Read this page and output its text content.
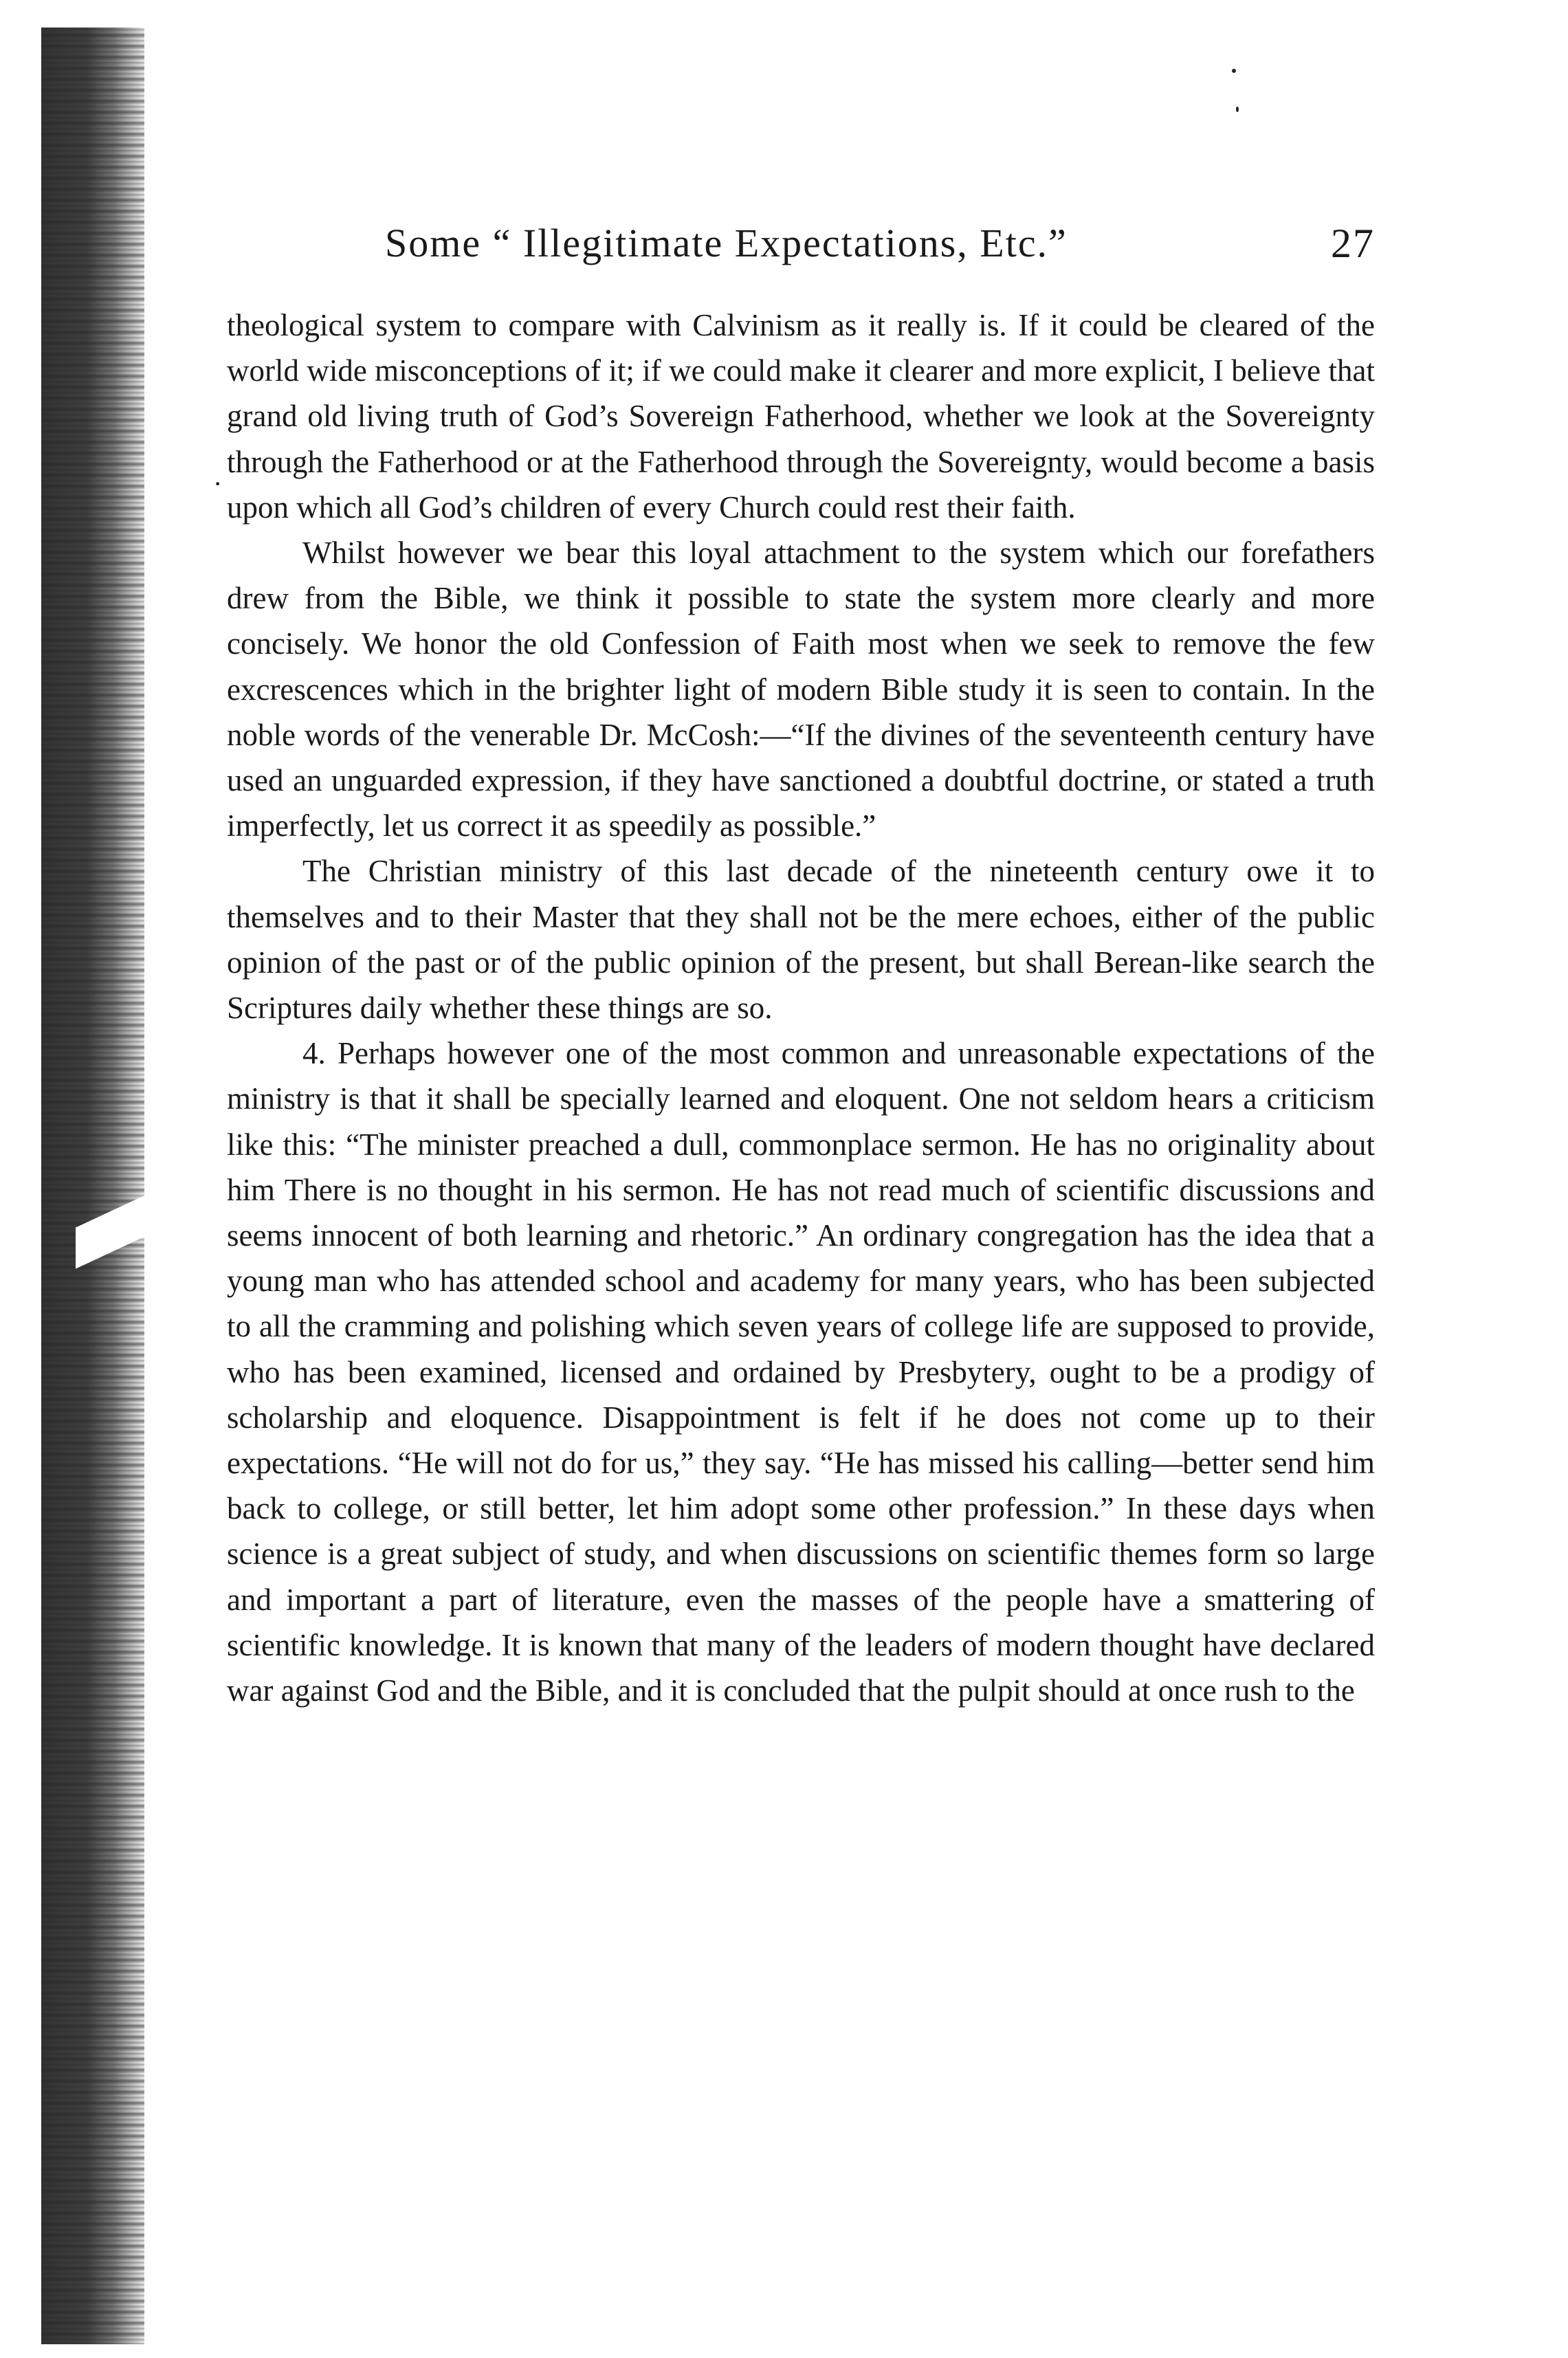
Some “ Illegitimate Expectations, Etc.”	27
·

theological system to compare with Calvinism as it really is. If it could be cleared of the world wide misconceptions of it; if we could make it clearer and more explicit, I believe that grand old living truth of God’s Sovereign Fatherhood, whether we look at the Sovereignty through the Fatherhood or at the Fatherhood through the Sovereignty, would become a basis upon which all God’s children of every Church could rest their faith.

Whilst however we bear this loyal attachment to the system which our forefathers drew from the Bible, we think it possible to state the system more clearly and more concisely. We honor the old Confession of Faith most when we seek to remove the few excrescences which in the brighter light of modern Bible study it is seen to contain. In the noble words of the venerable Dr. McCosh:—“If the divines of the seventeenth century have used an unguarded expression, if they have sanctioned a doubtful doctrine, or stated a truth imperfectly, let us correct it as speedily as possible.”

The Christian ministry of this last decade of the nineteenth century owe it to themselves and to their Master that they shall not be the mere echoes, either of the public opinion of the past or of the public opinion of the present, but shall Berean-like search the Scriptures daily whether these things are so.

4. Perhaps however one of the most common and unreasonable expectations of the ministry is that it shall be specially learned and eloquent. One not seldom hears a criticism like this: “The minister preached a dull, commonplace sermon. He has no originality about him There is no thought in his sermon. He has not read much of scientific discussions and seems innocent of both learning and rhetoric.” An ordinary congregation has the idea that a young man who has attended school and academy for many years, who has been subjected to all the cramming and polishing which seven years of college life are supposed to provide, who has been examined, licensed and ordained by Presbytery, ought to be a prodigy of scholarship and eloquence. Disappointment is felt if he does not come up to their expectations. “He will not do for us,” they say. “He has missed his calling—better send him back to college, or still better, let him adopt some other profession.” In these days when science is a great subject of study, and when discussions on scientific themes form so large and important a part of literature, even the masses of the people have a smattering of scientific knowledge. It is known that many of the leaders of modern thought have declared war against God and the Bible, and it is concluded that the pulpit should at once rush to the
